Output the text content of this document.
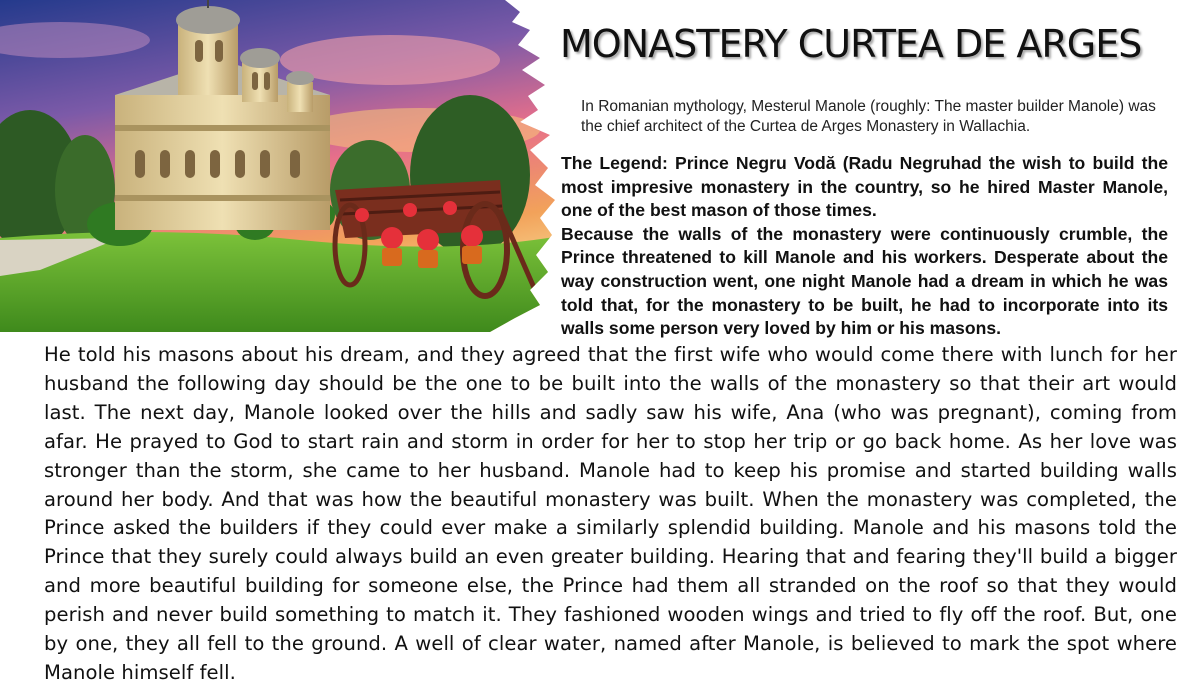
MONASTERY CURTEA DE ARGES
In Romanian mythology, Mesterul Manole (roughly: The master builder Manole) was the chief architect of the Curtea de Arges Monastery in Wallachia.

The Legend: Prince Negru Vodă (Radu Negruhad the wish to build the most impresive monastery in the country, so he hired Master Manole, one of the best mason of those times.

Because the walls of the monastery were continuously crumble, the Prince threatened to kill Manole and his workers. Desperate about the way construction went, one night Manole had a dream in which he was told that, for the monastery to be built, he had to incorporate into its walls some person very loved by him or his masons.

He told his masons about his dream, and they agreed that the first wife who would come there with lunch for her husband the following day should be the one to be built into the walls of the monastery so that their art would last. The next day, Manole looked over the hills and sadly saw his wife, Ana (who was pregnant), coming from afar. He prayed to God to start rain and storm in order for her to stop her trip or go back home. As her love was stronger than the storm, she came to her husband. Manole had to keep his promise and started building walls around her body. And that was how the beautiful monastery was built. When the monastery was completed, the Prince asked the builders if they could ever make a similarly splendid building. Manole and his masons told the Prince that they surely could always build an even greater building. Hearing that and fearing they'll build a bigger and more beautiful building for someone else, the Prince had them all stranded on the roof so that they would perish and never build something to match it. They fashioned wooden wings and tried to fly off the roof. But, one by one, they all fell to the ground. A well of clear water, named after Manole, is believed to mark the spot where Manole himself fell.
